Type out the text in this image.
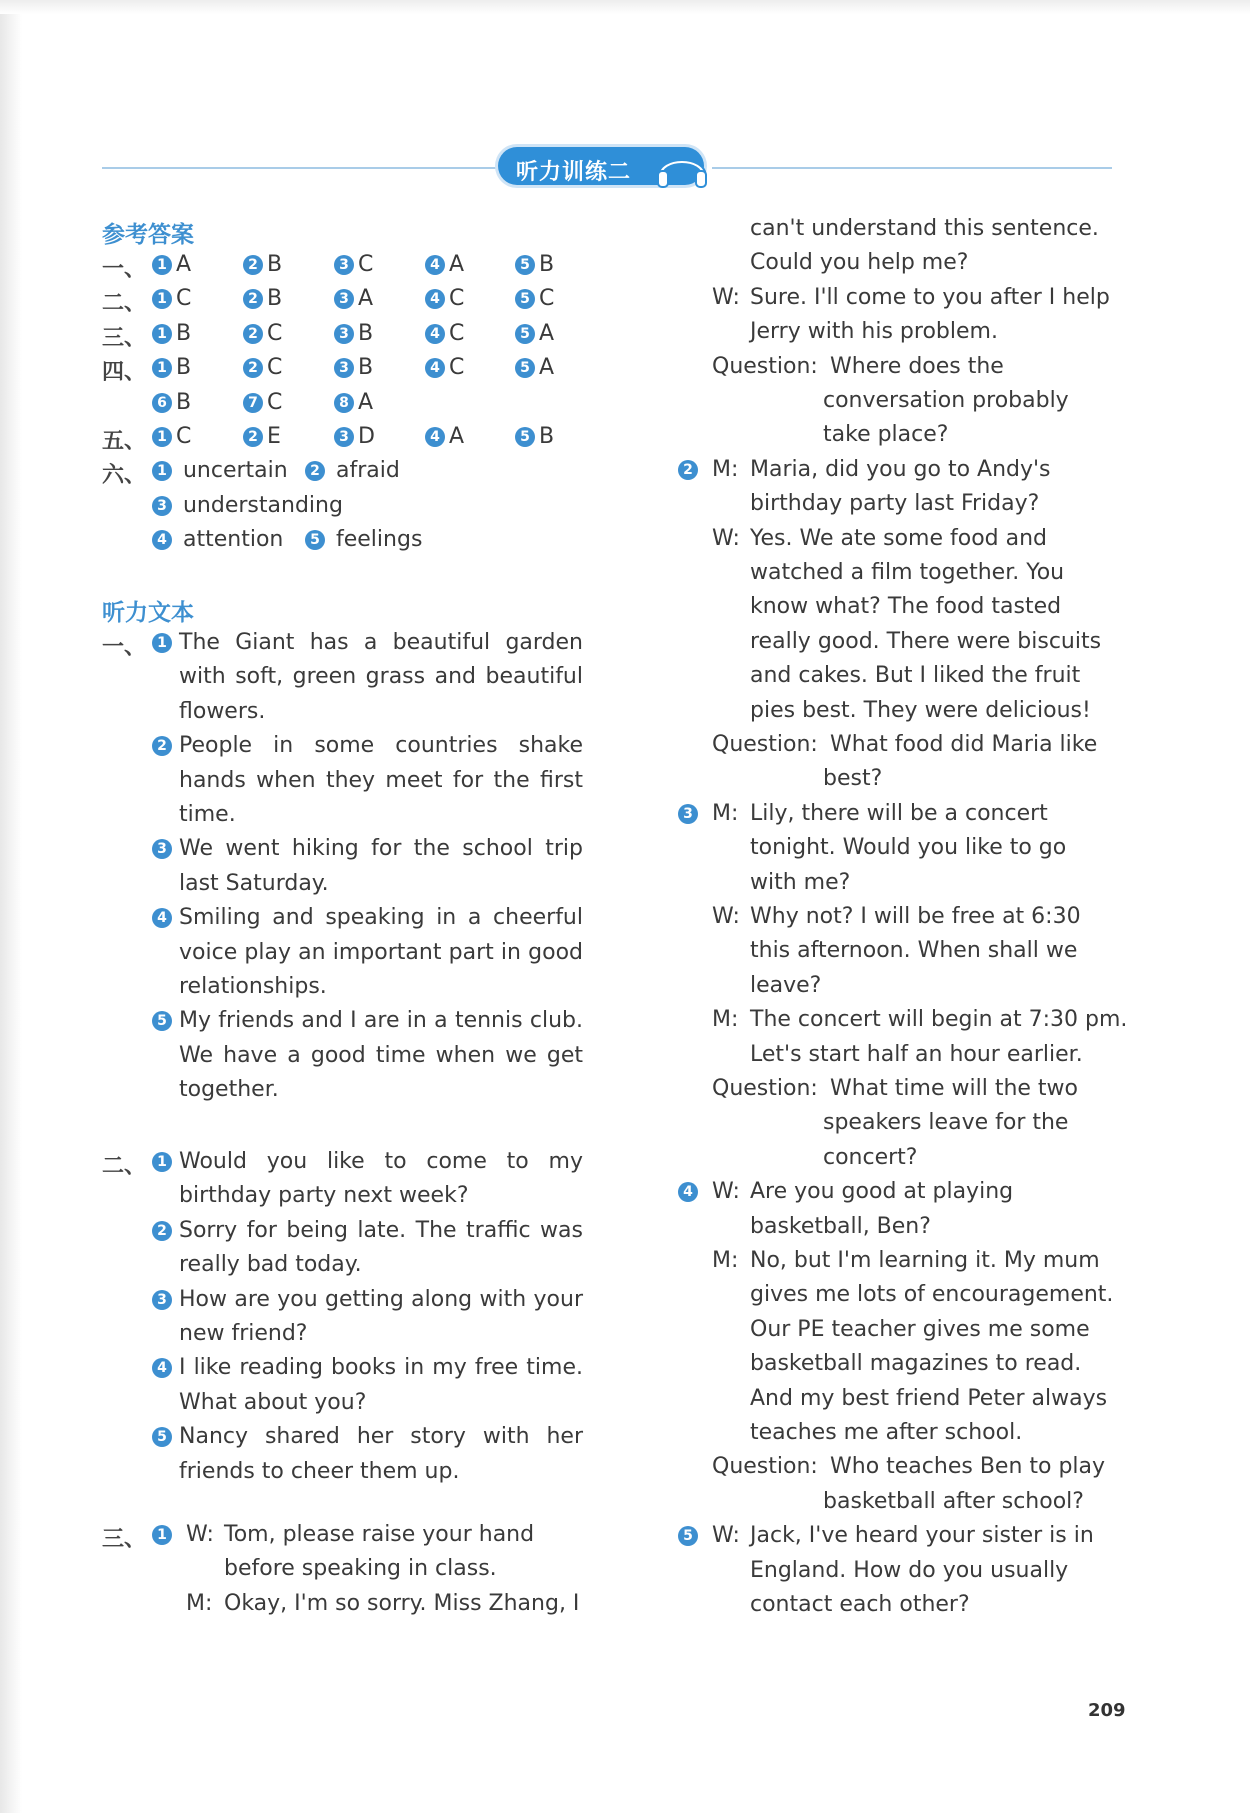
听力训练二
参考答案
一、 1 A	2 B	3 C	4 A	5 B
二、 1 C	2 B	3 A	4 C	5 C
三、 1 B	2 C	3 B	4 C	5 A
四、 1 B	2 C	3 B	4 C	5 A
6 B	7 C	8 A
五、 1 C	2 E	3 D	4 A	5 B
六、 1 uncertain	2 afraid
3 understanding
4 attention	5 feelings
听力文本
一、 1 The Giant has a beautiful garden
with soft, green grass and beautiful
flowers.
2 People in some countries shake
hands when they meet for the first
time.
3 We went hiking for the school trip
last Saturday.
4 Smiling and speaking in a cheerful
voice play an important part in good
relationships.
5 My friends and I are in a tennis club.
We have a good time when we get
together.
二、 1 Would you like to come to my
birthday party next week?
2 Sorry for being late. The traffic was
really bad today.
3 How are you getting along with your
new friend?
4 I like reading books in my free time.
What about you?
5 Nancy shared her story with her
friends to cheer them up.
三、 1 W: Tom, please raise your hand
before speaking in class.
M: Okay, I'm so sorry. Miss Zhang, I
can't understand this sentence.
Could you help me?
W: Sure. I'll come to you after I help
Jerry with his problem.
Question: Where does the
conversation probably
take place?
2 M: Maria, did you go to Andy's
birthday party last Friday?
W: Yes. We ate some food and
watched a film together. You
know what? The food tasted
really good. There were biscuits
and cakes. But I liked the fruit
pies best. They were delicious!
Question: What food did Maria like
best?
3 M: Lily, there will be a concert
tonight. Would you like to go
with me?
W: Why not? I will be free at 6:30
this afternoon. When shall we
leave?
M: The concert will begin at 7:30 pm.
Let's start half an hour earlier.
Question: What time will the two
speakers leave for the
concert?
4 W: Are you good at playing
basketball, Ben?
M: No, but I'm learning it. My mum
gives me lots of encouragement.
Our PE teacher gives me some
basketball magazines to read.
And my best friend Peter always
teaches me after school.
Question: Who teaches Ben to play
basketball after school?
5 W: Jack, I've heard your sister is in
England. How do you usually
contact each other?
209
